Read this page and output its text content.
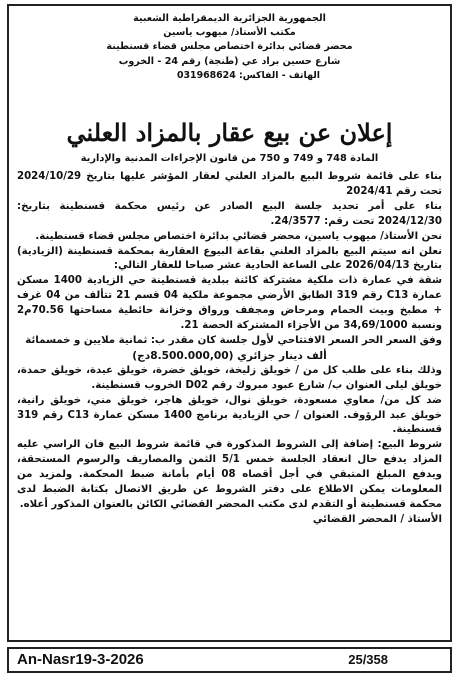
الجمهورية الجزائرية الديمقراطية الشعبية
مكتب الأستاذ/ ميهوب ياسين
محضر قضائي بدائرة اختصاص مجلس قضاء قسنطينة
شارع حسين براد عي (طنجة) رقم 24 - الخروب
الهاتف - الفاكس: 031968624
إعلان عن بيع عقار بالمزاد العلني
المادة 748 و 749 و 750 من قانون الإجراءات المدنية والإدارية

بناء على قائمة شروط البيع بالمزاد العلني لعقار المؤشر عليها بتاريخ 2024/10/29 تحت رقم 2024/41

بناء على أمر تحديد جلسة البيع الصادر عن رئيس محكمة قسنطينة بتاريخ: 2024/12/30 تحت رقم: 24/3577.

نحن الأستاذ/ ميهوب ياسين، محضر قضائي بدائرة اختصاص مجلس قضاء قسنطينة.

نعلن انه سيتم البيع بالمزاد العلني بقاعة البيوع العقارية بمحكمة قسنطينة (الزيادية) بتاريخ 2026/04/13 على الساعة الحادية عشر صباحا للعقار التالي:

شقة في عمارة ذات ملكية مشتركة كائنة ببلدية قسنطينة حي الزيادية 1400 مسكن عمارة C13 رقم 319 الطابق الأرضي مجموعة ملكية 04 قسم 21 تتألف من 04 غرف + مطبخ وبيت الحمام ومرحاض ومجفف ورواق وخزانة حائطية مساحتها 70.56م2 ونسبة 34,69/1000 من الأجزاء المشتركة الحصة 21.

وفق السعر الحر السعر الافتتاحي لأول جلسة كان مقدر ب: ثمانية ملايين و خمسمائة

ألف دينار جزائري (8.500.000,00دج)

وذلك بناء على طلب كل من / خويلق زليخة، خويلق خضرة، خويلق عيدة، خويلق حمدة، خويلق ليلى العنوان ب/ شارع عبود مبروك رقم D02 الخروب قسنطينة.

ضد كل من/ معاوي مسعودة، خويلق نوال، خويلق هاجر، خويلق مني، خويلق رانية، خويلق عبد الرؤوف. العنوان / حي الزيادية برنامج 1400 مسكن عمارة C13 رقم 319 قسنطينة.

شروط البيع: إضافة إلى الشروط المذكورة في قائمة شروط البيع فان الراسي عليه المزاد يدفع حال انعقاد الجلسة خمس 5/1 الثمن والمصاريف والرسوم المستحقة، ويدفع المبلغ المتبقي في أجل أقصاه 08 أيام بأمانة ضبط المحكمة. ولمزيد من المعلومات يمكن الاطلاع على دفتر الشروط عن طريق الاتصال بكتابة الضبط لدى محكمة قسنطينة أو التقدم لدى مكتب المحضر القضائي الكائن بالعنوان المذكور أعلاه.

الأستاذ / المحضر القضائي

An-Nasr19-3-2026	25/358
